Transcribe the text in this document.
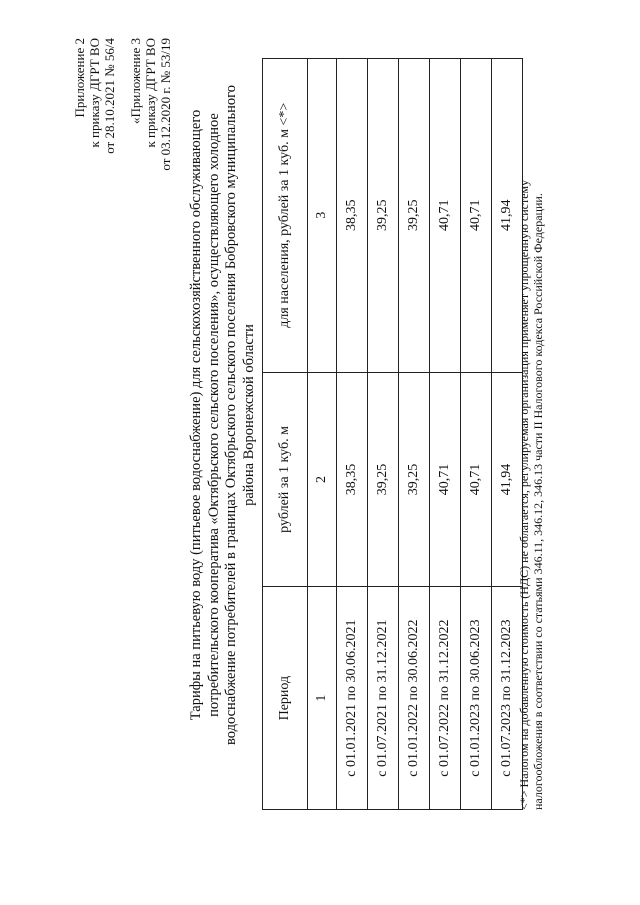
Приложение 2 к приказу ДГРТ ВО от 28.10.2021 № 56/4 «Приложение 3 к приказу ДГРТ ВО от 03.12.2020 г. № 53/19
Тарифы на питьевую воду (питьевое водоснабжение) для сельскохозяйственного обслуживающего потребительского кооператива «Октябрьского сельского поселения», осуществляющего холодное водоснабжение потребителей в границах Октябрьского сельского поселения Бобровского муниципального района Воронежской области
Период	рублей за 1 куб. м	для населения, рублей за 1 куб. м <*>
1	2	3
с 01.01.2021 по 30.06.2021	38,35	38,35
с 01.07.2021 по 31.12.2021	39,25	39,25
с 01.01.2022 по 30.06.2022	39,25	39,25
с 01.07.2022 по 31.12.2022	40,71	40,71
с 01.01.2023 по 30.06.2023	40,71	40,71
с 01.07.2023 по 31.12.2023	41,94	41,94 <*> Налогом на добавленную стоимость (НДС) не облагается, регулируемая организация применяет упрощенную систему налогообложения в соответствии со статьями 346.11, 346.12, 346.13 части II Налогового кодекса Российской Федерации.
